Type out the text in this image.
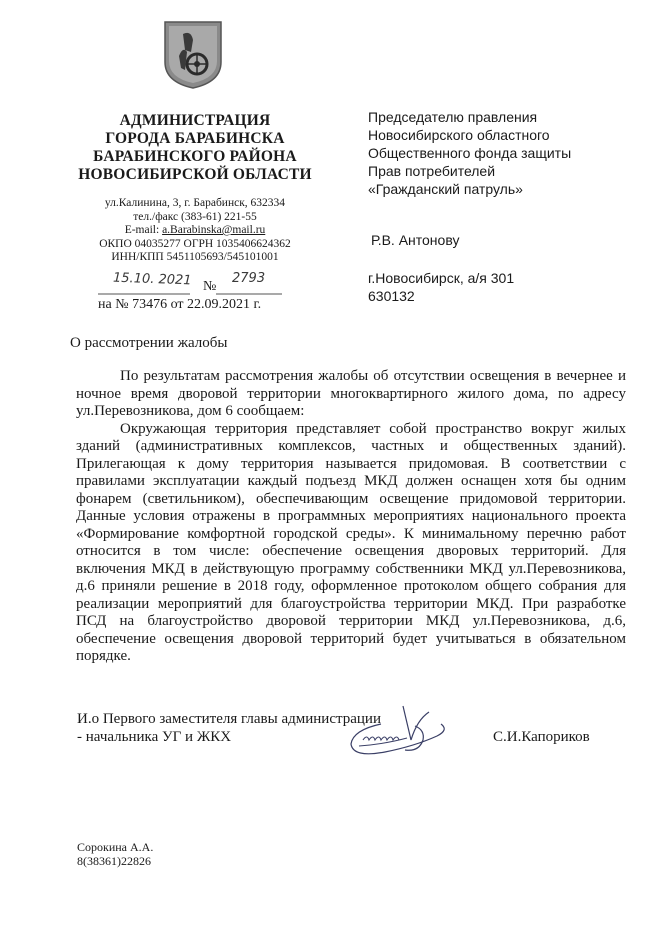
АДМИНИСТРАЦИЯ
ГОРОДА БАРАБИНСКА
БАРАБИНСКОГО РАЙОНА
НОВОСИБИРСКОЙ ОБЛАСТИ
ул.Калинина, 3, г. Барабинск, 632334
тел./факс (383-61) 221-55
E-mail: a.Barabinska@mail.ru
ОКПО 04035277 ОГРН 1035406624362
ИНН/КПП 5451105693/545101001
15.10. 2021 №
2793
на № 73476 от 22.09.2021 г.
Председателю правления
Новосибирского областного
Общественного фонда защиты
Прав потребителей
«Гражданский патруль»
Р.В. Антонову
г.Новосибирск, а/я 301
630132
О рассмотрении жалобы

По результатам рассмотрения жалобы об отсутствии освещения в вечернее и ночное время дворовой территории многоквартирного жилого дома, по адресу ул.Перевозникова, дом 6 сообщаем:

Окружающая территория представляет собой пространство вокруг жилых зданий (административных комплексов, частных и общественных зданий). Прилегающая к дому территория называется придомовая. В соответствии с правилами эксплуатации каждый подъезд МКД должен оснащен хотя бы одним фонарем (светильником), обеспечивающим освещение придомовой территории. Данные условия отражены в программных мероприятиях национального проекта «Формирование комфортной городской среды». К минимальному перечню работ относится в том числе: обеспечение освещения дворовых территорий. Для включения МКД в действующую программу собственники МКД ул.Перевозникова, д.6 приняли решение в 2018 году, оформленное протоколом общего собрания для реализации мероприятий для благоустройства территории МКД. При разработке ПСД на благоустройство дворовой территории МКД ул.Перевозникова, д.6, обеспечение освещения дворовой территорий будет учитываться в обязательном порядке.

И.о Первого заместителя главы администрации
- начальника УГ и ЖКХ	С.И.Капориков
Сорокина А.А.
8(38361)22826
